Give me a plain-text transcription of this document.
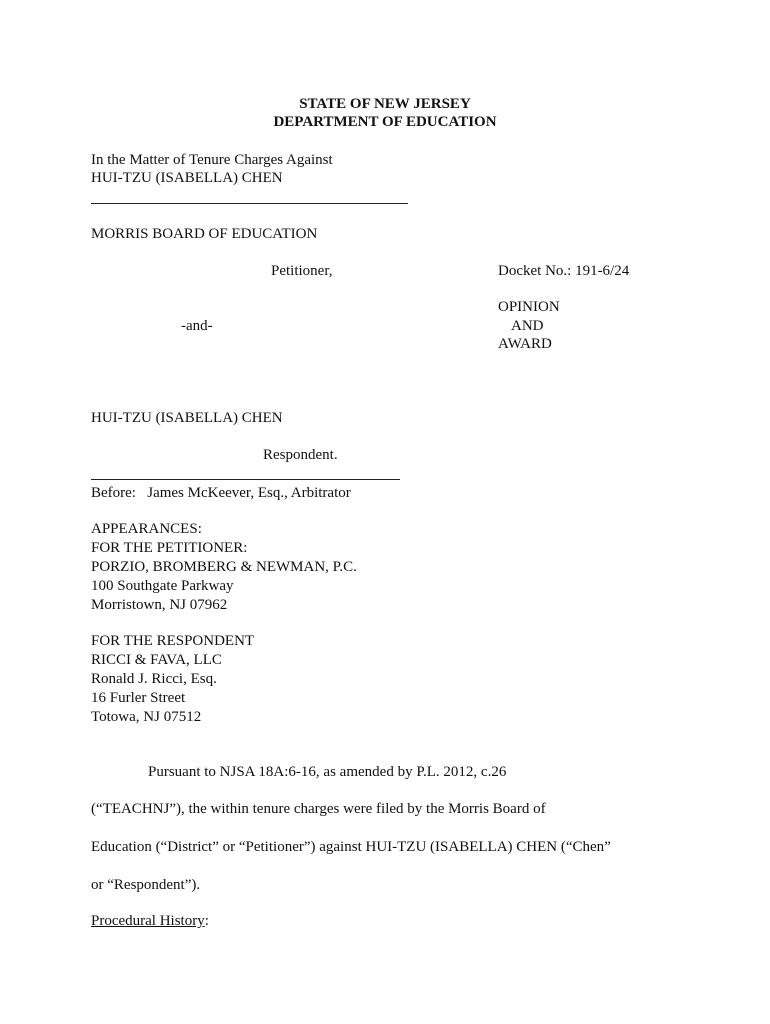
STATE OF NEW JERSEY
DEPARTMENT OF EDUCATION
In the Matter of Tenure Charges Against
HUI-TZU (ISABELLA) CHEN
MORRIS BOARD OF EDUCATION
Petitioner,	Docket No.: 191-6/24
OPINION
AND
AWARD
-and-
HUI-TZU (ISABELLA) CHEN
Respondent.
Before:   James McKeever, Esq., Arbitrator
APPEARANCES:
FOR THE PETITIONER:
PORZIO, BROMBERG & NEWMAN, P.C.
100 Southgate Parkway
Morristown, NJ 07962
FOR THE RESPONDENT
RICCI & FAVA, LLC
Ronald J. Ricci, Esq.
16 Furler Street
Totowa, NJ 07512
Pursuant to NJSA 18A:6-16, as amended by P.L. 2012, c.26
(“TEACHNJ”), the within tenure charges were filed by the Morris Board of
Education (“District” or “Petitioner”) against HUI-TZU (ISABELLA) CHEN (“Chen”
or “Respondent”).
Procedural History:
